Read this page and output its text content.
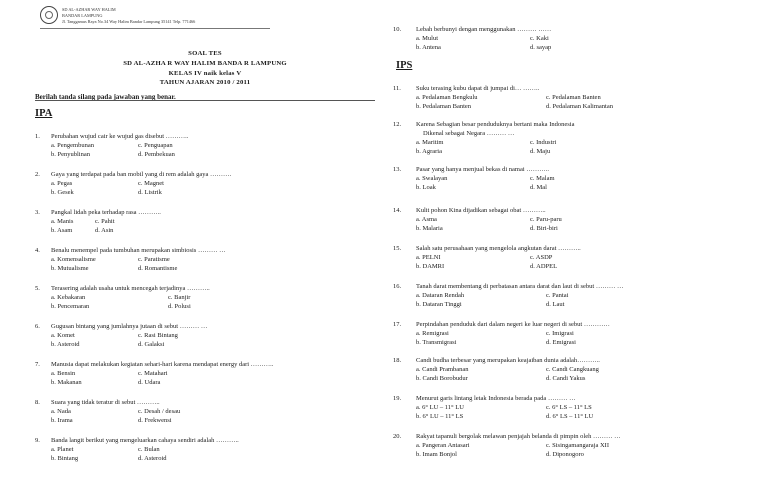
SD AL-AZHAR WAY HALIM
BANDAR LAMPUNG
Jl. Tanggamus Raya No.34 Way Halim Bandar Lampung 35141 Telp. 771466
SOAL TES
SD AL-AZHA R WAY HALIM BANDA R LAMPUNG
KELAS IV naik kelas V
TAHUN AJARAN 2010 / 2011
Berilah tanda silang pada jawaban yang benar.
IPA
IPS
1.	Perubahan wujud cair ke wujud gas disebut ………..
a. Pengembunan	c. Penguapan
b. Penyublinan	d. Pembekuan
2.	Gaya yang terdapat pada ban mobil yang di rem adalah gaya ……….
a. Pegas	c. Magnet
b. Gesek	d. Listrik
3.	Pangkal lidah peka terhadap rasa ………..
a. Manis	c. Pahit
b. Asam	d. Asin
4.	Benalu menempel pada tumbuhan merupakan simbiosis ……… …
a. Komensalisme	c. Paratisme
b. Mutualisme	d. Romantisme
5.	Terasering adalah usaha untuk mencegah terjadinya ………..
a. Kebakaran	c. Banjir
b. Pencemaran	d. Polusi
6.	Gugusan bintang yang jumlahnya jutaan di sebut ……… …
a. Komet	c. Rasi Bintang
b. Asteroid	d. Galaksi
7.	Manusia dapat melakukan kegiatan sehari-hari karena mendapat energy dari ………..
a. Bensin	c. Matahari
b. Makanan	d. Udara
8.	Suara yang tidak teratur di sebut ………..
a. Nada	c. Desah / desau
b. Irama	d. Frekwensi
9.	Banda langit berikut yang mengeluarkan cahaya sendiri adalah ………..
a. Planet	c. Bulan
b. Bintang	d. Asteroid
10.	Lebah berbunyi dengan menggunakan ……… ……
a. Mulut	c. Kaki
b. Antena	d. sayap
11.	Suku terasing kubu dapat di jumpai di… ……..
a. Pedalaman Bengkulu	c. Pedalaman Banten
b. Pedalaman Banten	d. Pedalaman Kalimantan
12.	Karena Sebagian besar penduduknya bertani maka Indonesia
Dikenal sebagai Negara ……… …
a. Maritim	c. Industri
b. Agraria	d. Maju
13.	Pasar yang hanya menjual bekas di namai ………..
a. Swalayan	c. Malam
b. Loak	d. Mal
14.	Kulit pohon Kina dijadikan sebagai obat ………..
a. Asma	c. Paru-paru
b. Malaria	d. Biri-biri
15.	Salah satu perusahaan yang mengelola angkutan darat ………..
a. PELNI	c. ASDP
b. DAMRI	d. ADPEL
16.	Tanah darat membentang di perbatasan antara darat dan laut di sebut ……… …
a. Dataran Rendah	c. Pantai
b. Dataran Tinggi	d. Laut
17.	Perpindahan penduduk dari dalam negeri ke luar negeri di sebut …………
a. Remigrasi	c. Imigrasi
b. Transmigrasi	d. Emigrasi
18.	Candi budha terbesar yang merupakan keajaiban dunia adalah………..
a. Candi Prambanan	c. Candi Cangkuang
b. Candi Borobudur	d. Candi Yakus
19.	Menurut garis lintang letak Indonesia berada pada ……… …
a. 6° LU – 11° LU	c. 6° LS – 11° LS
b. 6° LU – 11° LS	d. 6° LS – 11° LU
20.	Rakyat tapanuli bergolak melawan penjajah belanda di pimpin oleh ……… …
a. Pangeran Antasari	c. Sisingamangaraja XII
b. Imam Bonjol	d. Diponogoro
